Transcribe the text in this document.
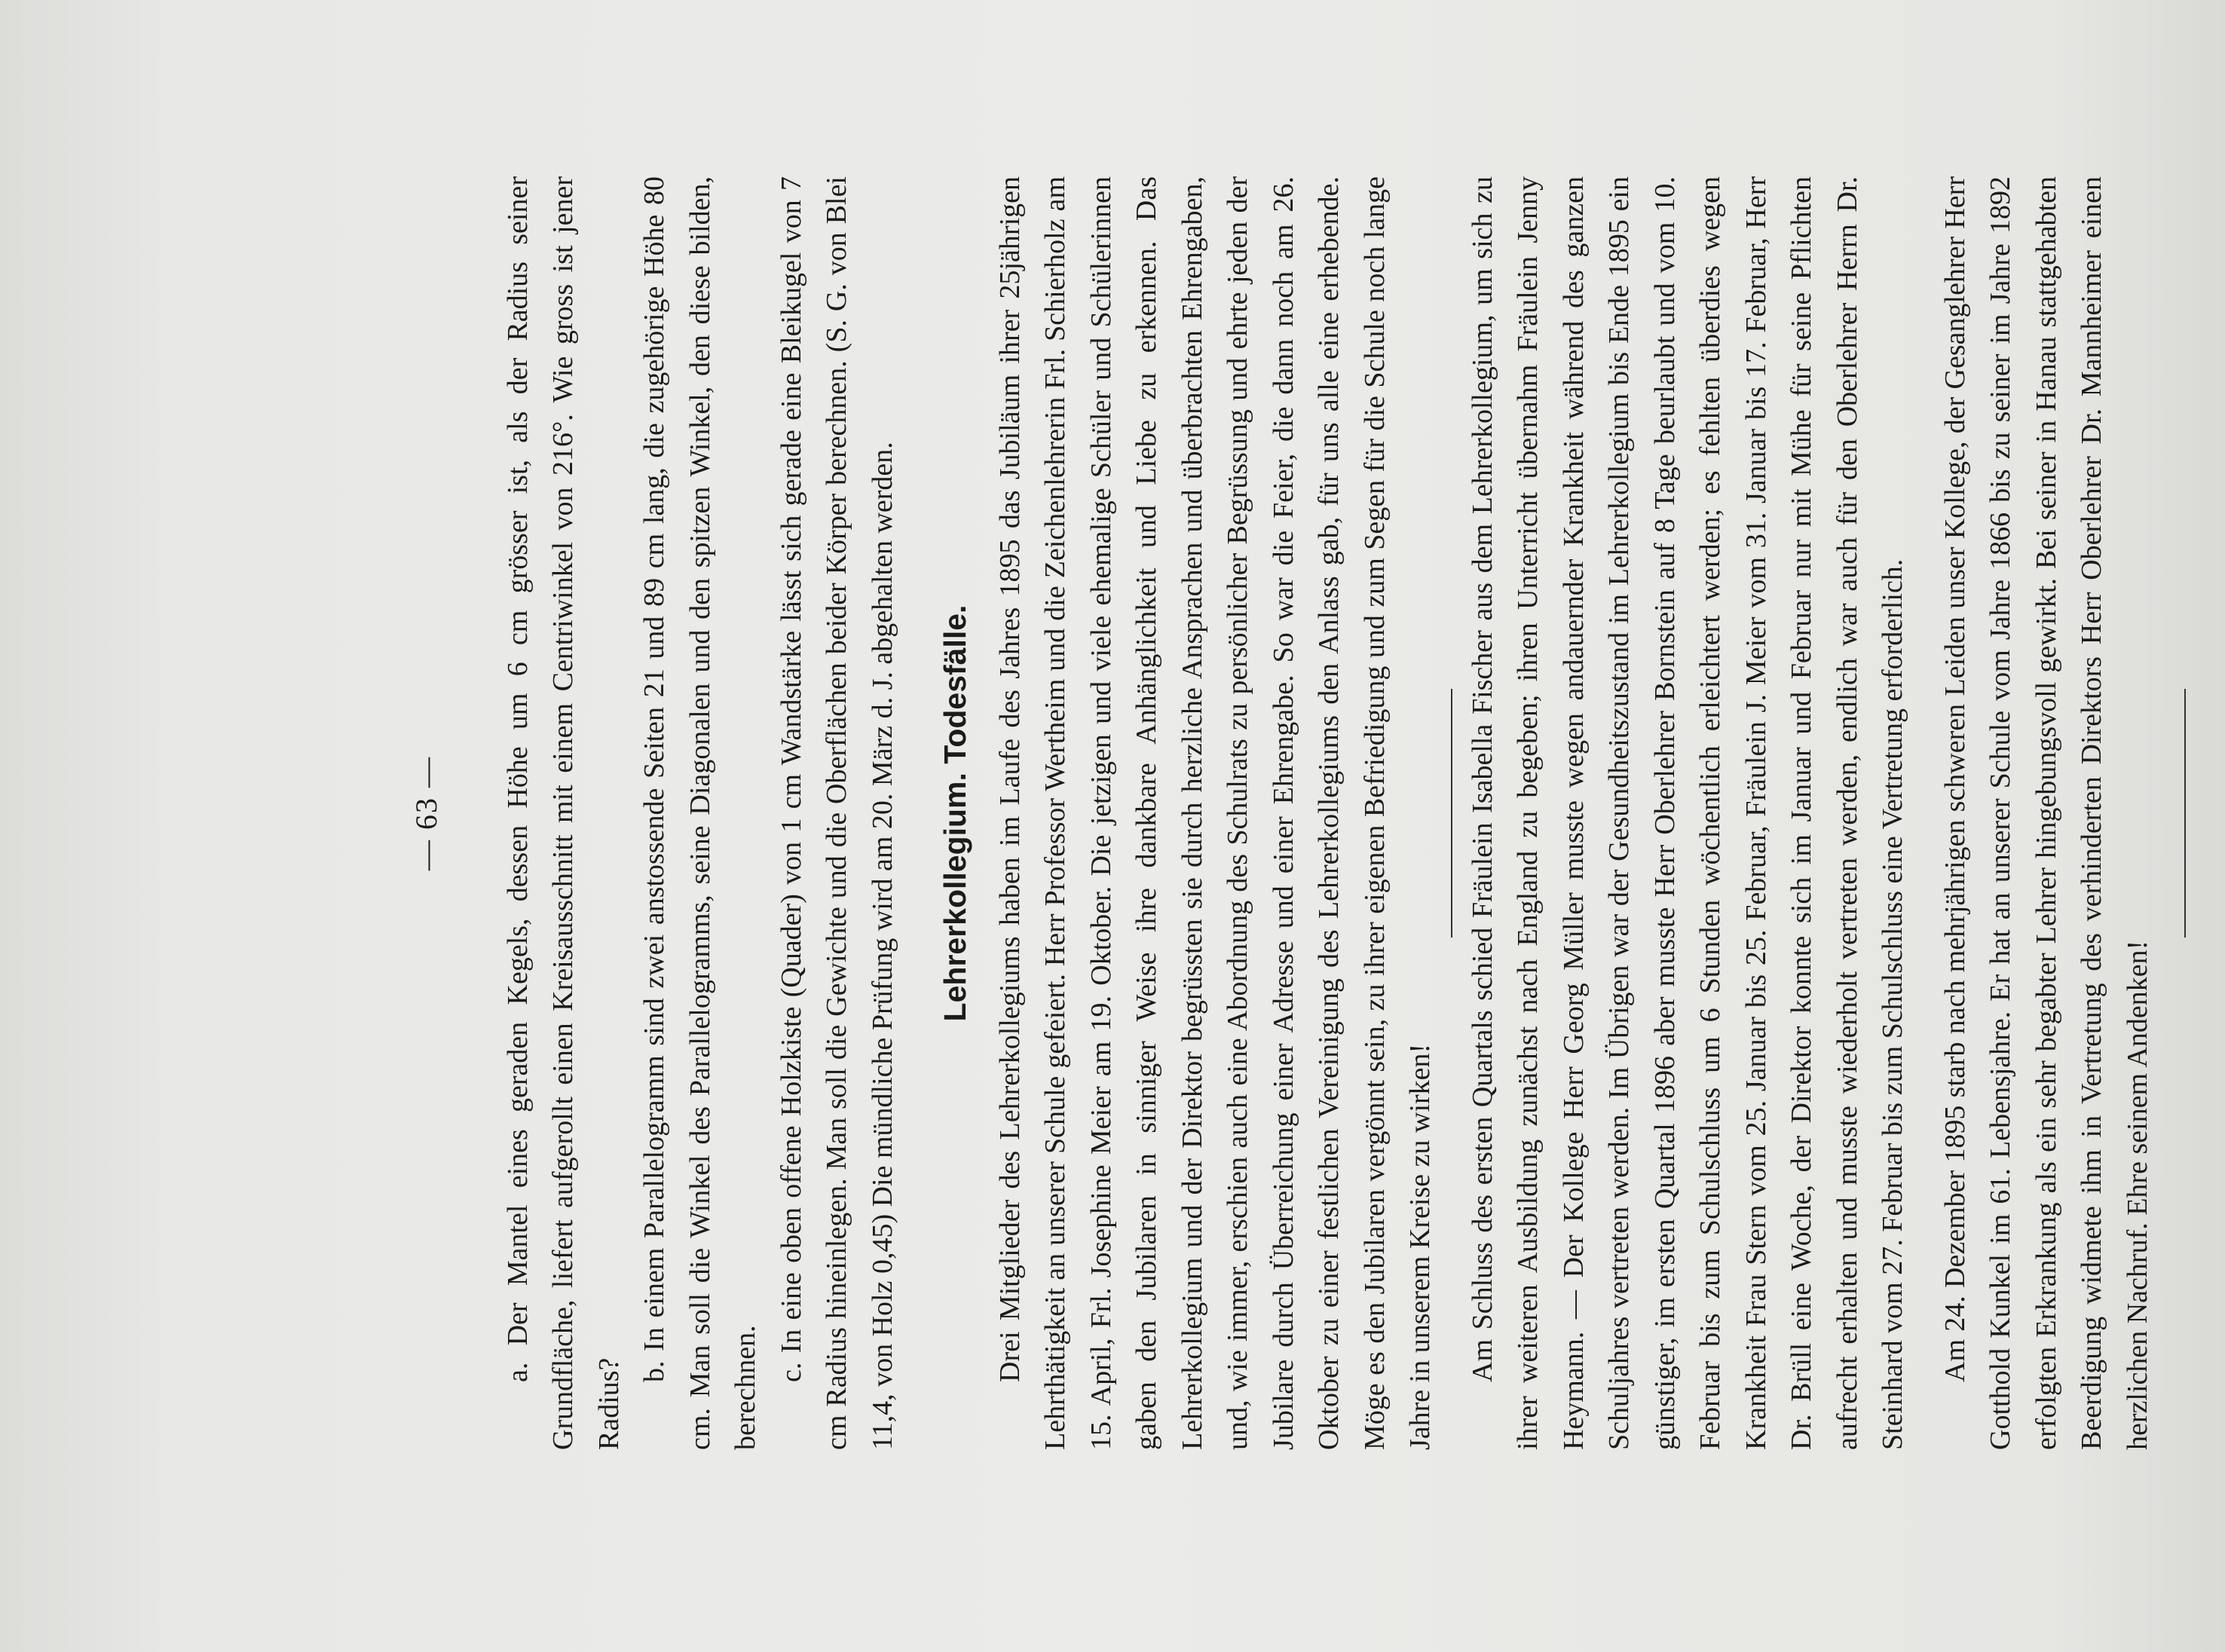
— 63 — a. Der Mantel eines geraden Kegels, dessen Höhe um 6 cm grösser ist, als der Radius seiner Grundfläche, liefert aufgerollt einen Kreisausschnitt mit einem Centriwinkel von 216°. Wie gross ist jener Radius?

b. In einem Parallelogramm sind zwei anstossende Seiten 21 und 89 cm lang, die zugehörige Höhe 80 cm. Man soll die Winkel des Parallelogramms, seine Diagonalen und den spitzen Winkel, den diese bilden, berechnen.

c. In eine oben offene Holzkiste (Quader) von 1 cm Wandstärke lässt sich gerade eine Bleikugel von 7 cm Radius hineinlegen. Man soll die Gewichte und die Oberflächen beider Körper berechnen. (S. G. von Blei 11,4, von Holz 0,45) Die mündliche Prüfung wird am 20. März d. J. abgehalten werden. Lehrerkollegium. Todesfälle. Drei Mitglieder des Lehrerkollegiums haben im Laufe des Jahres 1895 das Jubiläum ihrer 25jährigen Lehrthätigkeit an unserer Schule gefeiert. Herr Professor Wertheim und die Zeichenlehrerin Frl. Schierholz am 15. April, Frl. Josephine Meier am 19. Oktober. Die jetzigen und viele ehemalige Schüler und Schülerinnen gaben den Jubilaren in sinniger Weise ihre dankbare Anhänglichkeit und Liebe zu erkennen. Das Lehrerkollegium und der Direktor begrüssten sie durch herzliche Ansprachen und überbrachten Ehrengaben, und, wie immer, erschien auch eine Abordnung des Schulrats zu persönlicher Begrüssung und ehrte jeden der Jubilare durch Überreichung einer Adresse und einer Ehrengabe. So war die Feier, die dann noch am 26. Oktober zu einer festlichen Vereinigung des Lehrerkollegiums den Anlass gab, für uns alle eine erhebende. Möge es den Jubilaren vergönnt sein, zu ihrer eigenen Befriedigung und zum Segen für die Schule noch lange Jahre in unserem Kreise zu wirken! Am Schluss des ersten Quartals schied Fräulein Isabella Fischer aus dem Lehrerkollegium, um sich zu ihrer weiteren Ausbildung zunächst nach England zu begeben; ihren Unterricht übernahm Fräulein Jenny Heymann. — Der Kollege Herr Georg Müller musste wegen andauernder Krankheit während des ganzen Schuljahres vertreten werden. Im Übrigen war der Gesundheitszustand im Lehrerkollegium bis Ende 1895 ein günstiger, im ersten Quartal 1896 aber musste Herr Oberlehrer Bornstein auf 8 Tage beurlaubt und vom 10. Februar bis zum Schulschluss um 6 Stunden wöchentlich erleichtert werden; es fehlten überdies wegen Krankheit Frau Stern vom 25. Januar bis 25. Februar, Fräulein J. Meier vom 31. Januar bis 17. Februar, Herr Dr. Brüll eine Woche, der Direktor konnte sich im Januar und Februar nur mit Mühe für seine Pflichten aufrecht erhalten und musste wiederholt vertreten werden, endlich war auch für den Oberlehrer Herrn Dr. Steinhard vom 27. Februar bis zum Schulschluss eine Vertretung erforderlich. Am 24. Dezember 1895 starb nach mehrjährigen schweren Leiden unser Kollege, der Gesanglehrer Herr Gotthold Kunkel im 61. Lebensjahre. Er hat an unserer Schule vom Jahre 1866 bis zu seiner im Jahre 1892 erfolgten Erkrankung als ein sehr begabter Lehrer hingebungsvoll gewirkt. Bei seiner in Hanau stattgehabten Beerdigung widmete ihm in Vertretung des verhinderten Direktors Herr Oberlehrer Dr. Mannheimer einen herzlichen Nachruf. Ehre seinem Andenken!
